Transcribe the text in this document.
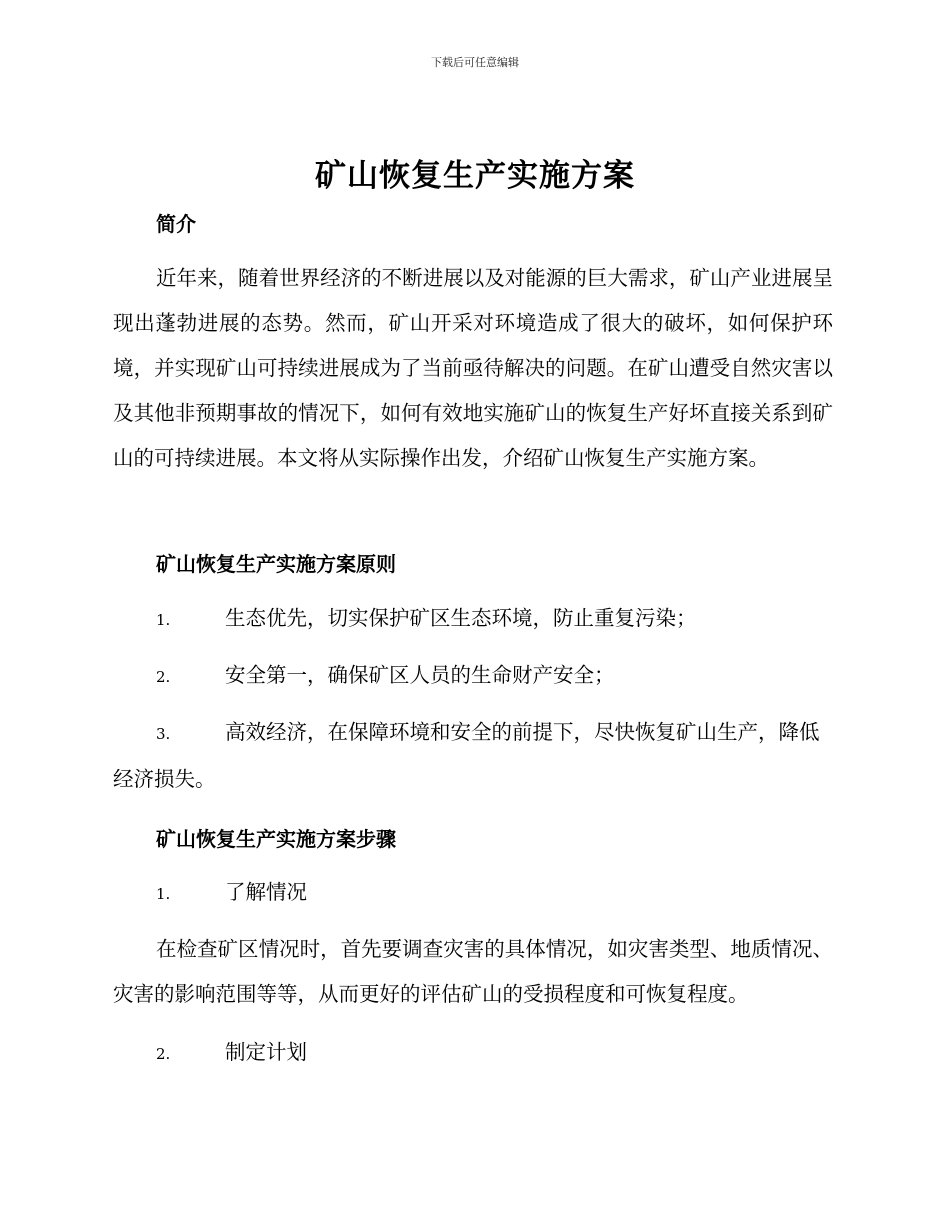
下载后可任意编辑
矿山恢复生产实施方案
简介

近年来，随着世界经济的不断进展以及对能源的巨大需求，矿山产业进展呈现出蓬勃进展的态势。然而，矿山开采对环境造成了很大的破坏，如何保护环境，并实现矿山可持续进展成为了当前亟待解决的问题。在矿山遭受自然灾害以及其他非预期事故的情况下，如何有效地实施矿山的恢复生产好坏直接关系到矿山的可持续进展。本文将从实际操作出发，介绍矿山恢复生产实施方案。

矿山恢复生产实施方案原则

1.	生态优先，切实保护矿区生态环境，防止重复污染；

2.	安全第一，确保矿区人员的生命财产安全；

3.	高效经济，在保障环境和安全的前提下，尽快恢复矿山生产，降低经济损失。

矿山恢复生产实施方案步骤

1.	了解情况

在检查矿区情况时，首先要调查灾害的具体情况，如灾害类型、地质情况、灾害的影响范围等等，从而更好的评估矿山的受损程度和可恢复程度。

2.	制定计划
